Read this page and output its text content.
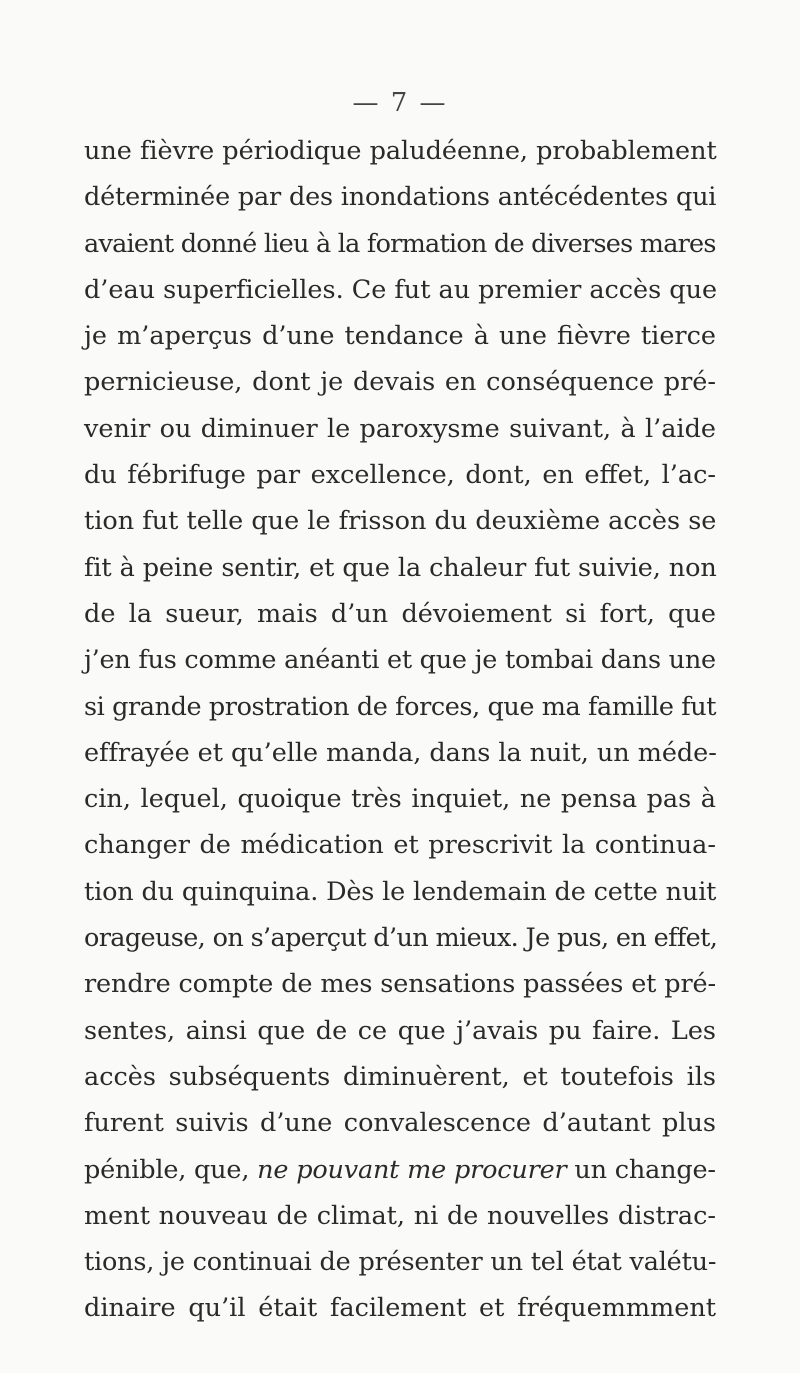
— 7 —
une fièvre périodique paludéenne, probablement
déterminée par des inondations antécédentes qui
avaient donné lieu à la formation de diverses mares
d’eau superficielles. Ce fut au premier accès que
je m’aperçus d’une tendance à une fièvre tierce
pernicieuse, dont je devais en conséquence pré-
venir ou diminuer le paroxysme suivant, à l’aide
du fébrifuge par excellence, dont, en effet, l’ac-
tion fut telle que le frisson du deuxième accès se
fit à peine sentir, et que la chaleur fut suivie, non
de la sueur, mais d’un dévoiement si fort, que
j’en fus comme anéanti et que je tombai dans une
si grande prostration de forces, que ma famille fut
effrayée et qu’elle manda, dans la nuit, un méde-
cin, lequel, quoique très inquiet, ne pensa pas à
changer de médication et prescrivit la continua-
tion du quinquina. Dès le lendemain de cette nuit
orageuse, on s’aperçut d’un mieux. Je pus, en effet,
rendre compte de mes sensations passées et pré-
sentes, ainsi que de ce que j’avais pu faire. Les
accès subséquents diminuèrent, et toutefois ils
furent suivis d’une convalescence d’autant plus
pénible, que, ne pouvant me procurer un change-
ment nouveau de climat, ni de nouvelles distrac-
tions, je continuai de présenter un tel état valétu-
dinaire qu’il était facilement et fréquemmment
